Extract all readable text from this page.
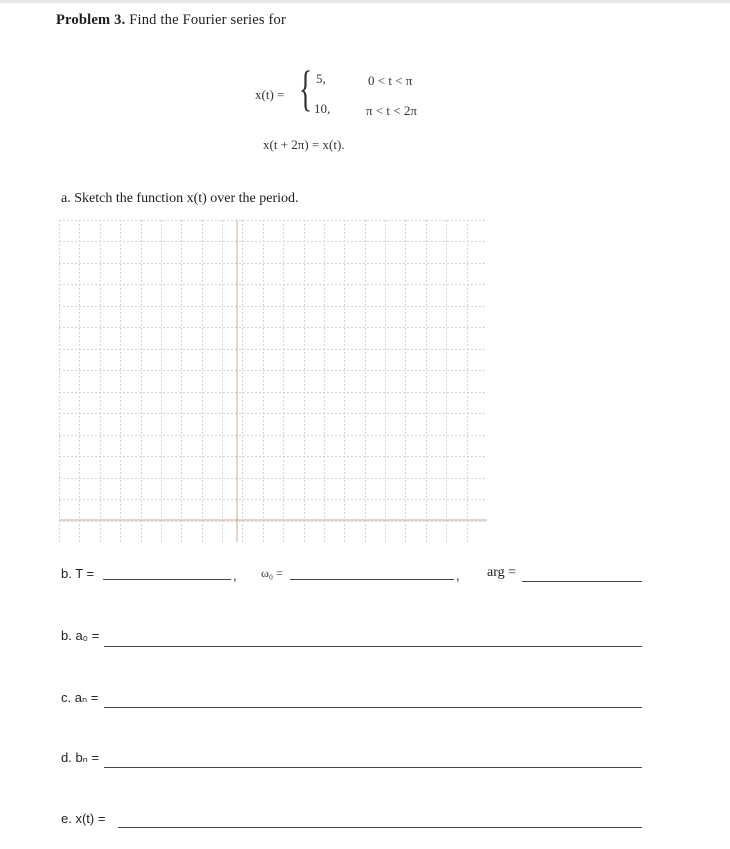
Problem 3. Find the Fourier series for
x(t) = { 5,	0 < t < π
10,	π < t < 2π
x(t + 2π) = x(t).
a. Sketch the function x(t) over the period.
b. T =	, ω₀ =	, arg =
b. a₀ =
c. aₙ =
d. bₙ =
e. x(t) =
